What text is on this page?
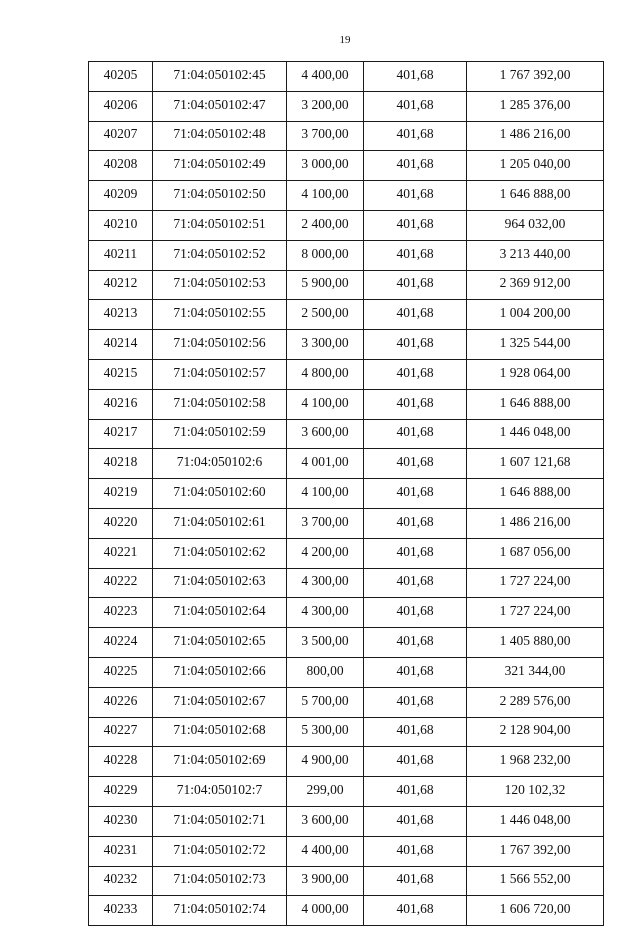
19
40205	71:04:050102:45	4 400,00	401,68	1 767 392,00
40206	71:04:050102:47	3 200,00	401,68	1 285 376,00
40207	71:04:050102:48	3 700,00	401,68	1 486 216,00
40208	71:04:050102:49	3 000,00	401,68	1 205 040,00
40209	71:04:050102:50	4 100,00	401,68	1 646 888,00
40210	71:04:050102:51	2 400,00	401,68	964 032,00
40211	71:04:050102:52	8 000,00	401,68	3 213 440,00
40212	71:04:050102:53	5 900,00	401,68	2 369 912,00
40213	71:04:050102:55	2 500,00	401,68	1 004 200,00
40214	71:04:050102:56	3 300,00	401,68	1 325 544,00
40215	71:04:050102:57	4 800,00	401,68	1 928 064,00
40216	71:04:050102:58	4 100,00	401,68	1 646 888,00
40217	71:04:050102:59	3 600,00	401,68	1 446 048,00
40218	71:04:050102:6	4 001,00	401,68	1 607 121,68
40219	71:04:050102:60	4 100,00	401,68	1 646 888,00
40220	71:04:050102:61	3 700,00	401,68	1 486 216,00
40221	71:04:050102:62	4 200,00	401,68	1 687 056,00
40222	71:04:050102:63	4 300,00	401,68	1 727 224,00
40223	71:04:050102:64	4 300,00	401,68	1 727 224,00
40224	71:04:050102:65	3 500,00	401,68	1 405 880,00
40225	71:04:050102:66	800,00	401,68	321 344,00
40226	71:04:050102:67	5 700,00	401,68	2 289 576,00
40227	71:04:050102:68	5 300,00	401,68	2 128 904,00
40228	71:04:050102:69	4 900,00	401,68	1 968 232,00
40229	71:04:050102:7	299,00	401,68	120 102,32
40230	71:04:050102:71	3 600,00	401,68	1 446 048,00
40231	71:04:050102:72	4 400,00	401,68	1 767 392,00
40232	71:04:050102:73	3 900,00	401,68	1 566 552,00
40233	71:04:050102:74	4 000,00	401,68	1 606 720,00
